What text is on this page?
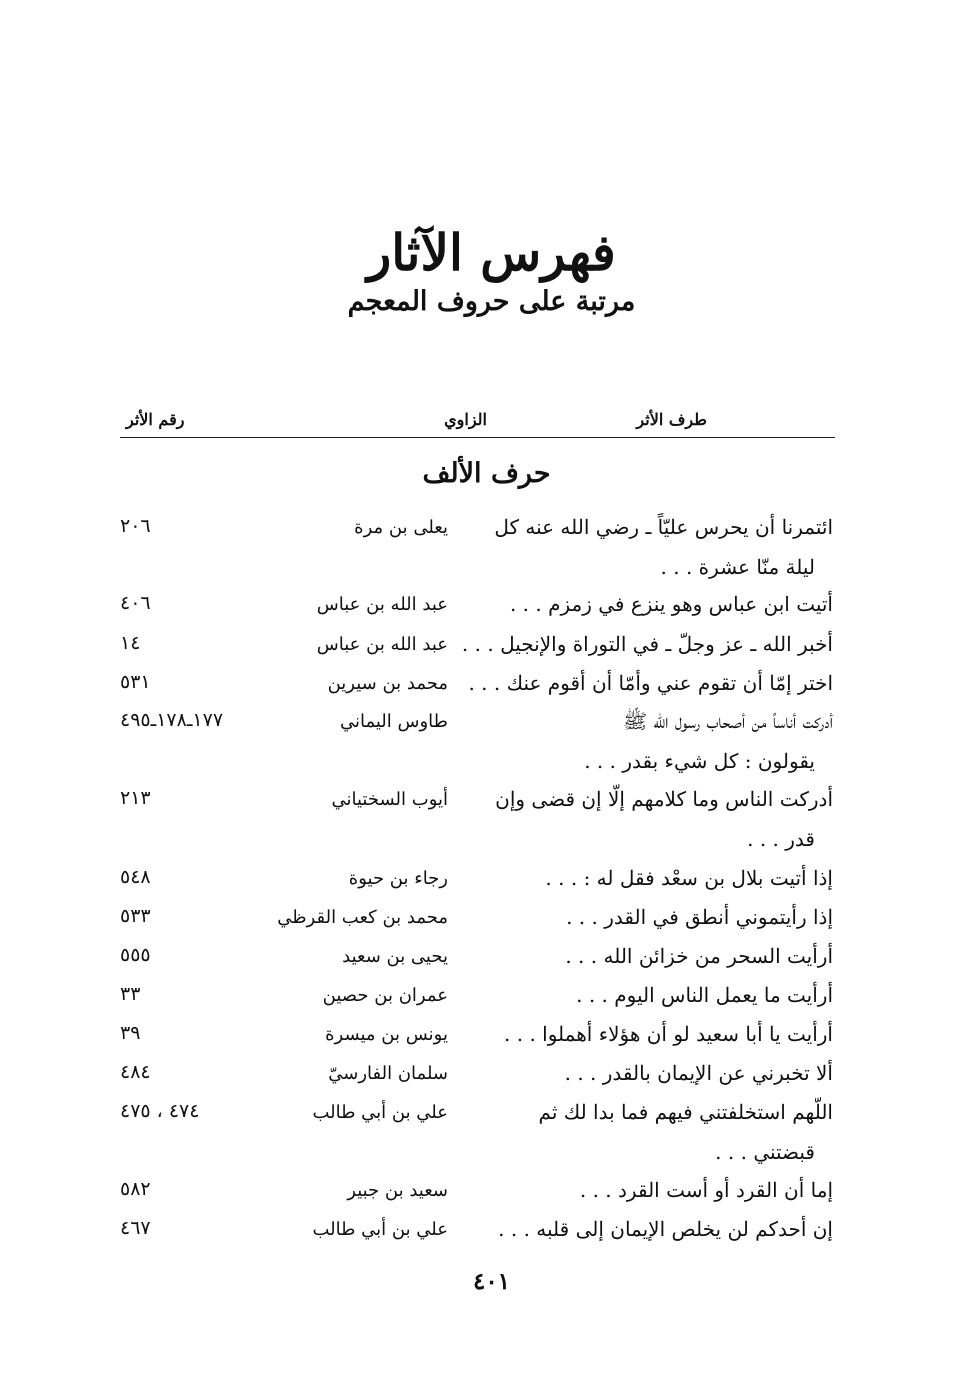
فهرس الآثار
مرتبة على حروف المعجم
طرف الأثر
الزاوي
رقم الأثر
حرف الألف
ائتمرنا أن يحرس عليّاً ـ رضي الله عنه كل
ليلة منّا عشرة . . .
يعلى بن مرة
٢٠٦
أتيت ابن عباس وهو ينزع في زمزم . . .
عبد الله بن عباس
٤٠٦
أخبر الله ـ عز وجلّ ـ في التوراة والإنجيل . . .
عبد الله بن عباس
١٤
اختر إمّا أن تقوم عني وأمّا أن أقوم عنك . . .
محمد بن سيرين
٥٣١
أدركت أناساً من أصحاب رسول الله ﷺ
يقولون : كل شيء بقدر . . .
طاوس اليماني
١٧٧ـ١٧٨ـ٤٩٥
أدركت الناس وما كلامهم إلّا إن قضى وإن
قدر . . .
أيوب السختياني
٢١٣
إذا أتيت بلال بن سعْد فقل له : . . .
رجاء بن حيوة
٥٤٨
إذا رأيتموني أنطق في القدر . . .
محمد بن كعب القرظي
٥٣٣
أرأيت السحر من خزائن الله . . .
يحيى بن سعيد
٥٥٥
أرأيت ما يعمل الناس اليوم . . .
عمران بن حصين
٣٣
أرأيت يا أبا سعيد لو أن هؤلاء أهملوا . . .
يونس بن ميسرة
٣٩
ألا تخبرني عن الإيمان بالقدر . . .
سلمان الفارسيّ
٤٨٤
اللّهم استخلفتني فيهم فما بدا لك ثم
قبضتني . . .
علي بن أبي طالب
٤٧٤ ، ٤٧٥
إما أن القرد أو أست القرد . . .
سعيد بن جبير
٥٨٢
إن أحدكم لن يخلص الإيمان إلى قلبه . . .
علي بن أبي طالب
٤٦٧
٤٠١
